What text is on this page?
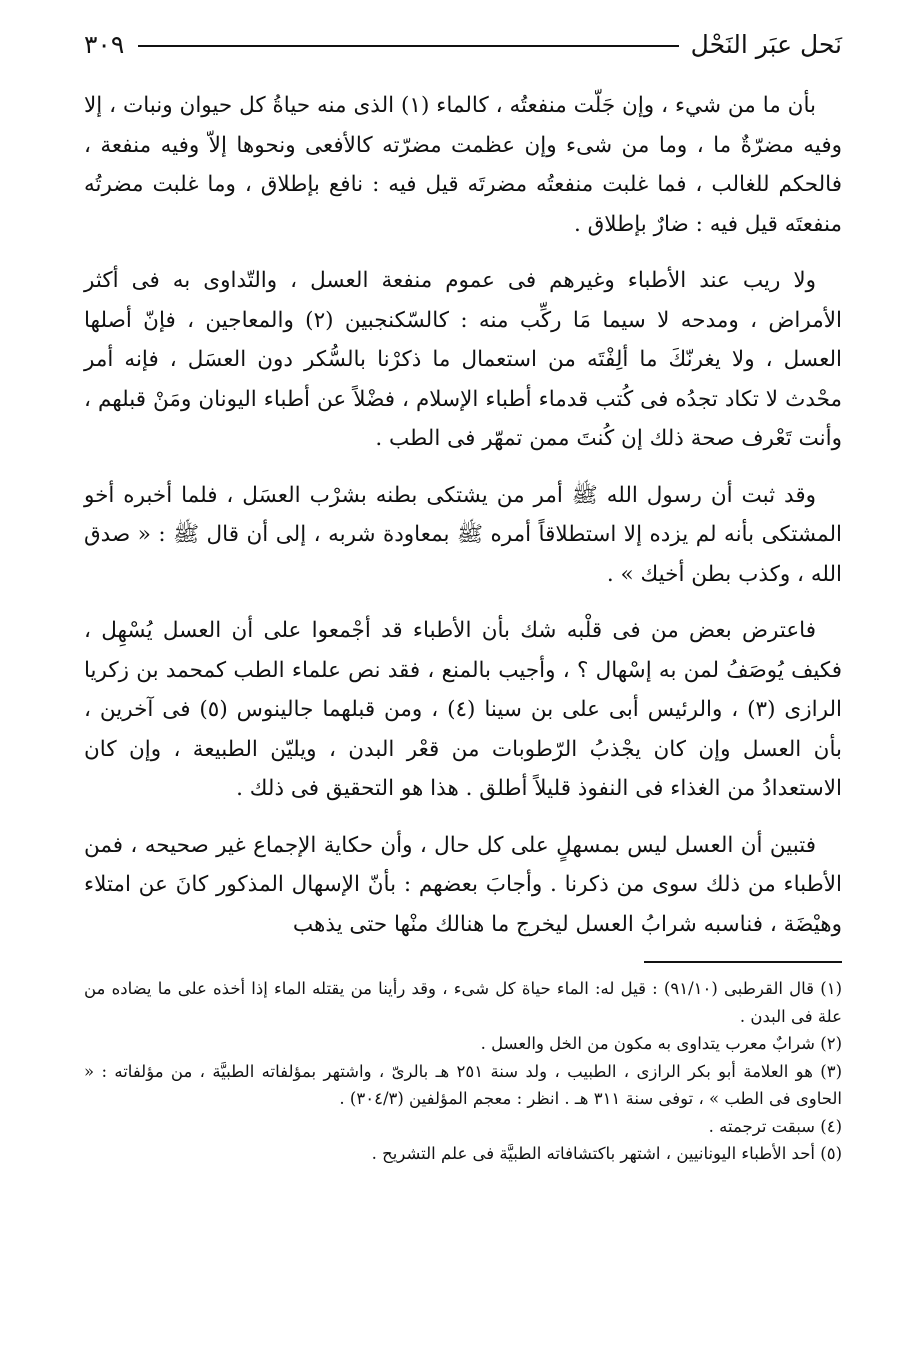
نَحل عبَر النَحْل
٣٠٩

بأن ما من شيء ، وإن جَلّت منفعتُه ، كالماء (١) الذى منه حياةُ كل حيوان ونبات ، إلا وفيه مضرّةٌ ما ، وما من شىء وإن عظمت مضرّته كالأفعى ونحوها إلاّ وفيه منفعة ، فالحكم للغالب ، فما غلبت منفعتُه مضرتَه قيل فيه : نافع بإطلاق ، وما غلبت مضرتُه منفعتَه قيل فيه : ضارٌ بإطلاق .

ولا ريب عند الأطباء وغيرهم فى عموم منفعة العسل ، والتّداوى به فى أكثر الأمراض ، ومدحه لا سيما مَا ركِّب منه : كالسّكنجبين (٢) والمعاجين ، فإنّ أصلها العسل ، ولا يغرنّكَ ما ألِفْتَه من استعمال ما ذكرْنا بالسُّكر دون العسَل ، فإنه أمر محْدث لا تكاد تجدُه فى كُتب قدماء أطباء الإسلام ، فضْلاً عن أطباء اليونان ومَنْ قبلهم ، وأنت تَعْرف صحة ذلك إن كُنتَ ممن تمهّر فى الطب .

وقد ثبت أن رسول الله ﷺ أمر من يشتكى بطنه بشرْب العسَل ، فلما أخبره أخو المشتكى بأنه لم يزده إلا استطلاقاً أمره ﷺ بمعاودة شربه ، إلى أن قال ﷺ : « صدق الله ، وكذب بطن أخيك » .

فاعترض بعض من فى قلْبه شك بأن الأطباء قد أجْمعوا على أن العسل يُسْهِل ، فكيف يُوصَفُ لمن به إسْهال ؟ ، وأجيب بالمنع ، فقد نص علماء الطب كمحمد بن زكريا الرازى (٣) ، والرئيس أبى على بن سينا (٤) ، ومن قبلهما جالينوس (٥) فى آخرين ، بأن العسل وإن كان يجْذبُ الرّطوبات من قعْر البدن ، ويليّن الطبيعة ، وإن كان الاستعدادُ من الغذاء فى النفوذ قليلاً أطلق . هذا هو التحقيق فى ذلك .

فتبين أن العسل ليس بمسهلٍ على كل حال ، وأن حكاية الإجماع غير صحيحه ، فمن الأطباء من ذلك سوى من ذكرنا . وأجابَ بعضهم : بأنّ الإسهال المذكور كانَ عن امتلاء وهيْضَة ، فناسبه شرابُ العسل ليخرج ما هنالك منْها حتى يذهب

(١) قال القرطبى (٩١/١٠) : قيل له: الماء حياة كل شىء ، وقد رأينا من يقتله الماء إذا أخذه على ما يضاده من علة فى البدن .

(٢) شرابٌ معرب يتداوى به مكون من الخل والعسل .

(٣) هو العلامة أبو بكر الرازى ، الطبيب ، ولد سنة ٢٥١ هـ بالرىّ ، واشتهر بمؤلفاته الطبيَّة ، من مؤلفاته : « الحاوى فى الطب » ، توفى سنة ٣١١ هـ . انظر : معجم المؤلفين (٣٠٤/٣) .

(٤) سبقت ترجمته .

(٥) أحد الأطباء اليونانيين ، اشتهر باكتشافاته الطبيَّة فى علم التشريح .
